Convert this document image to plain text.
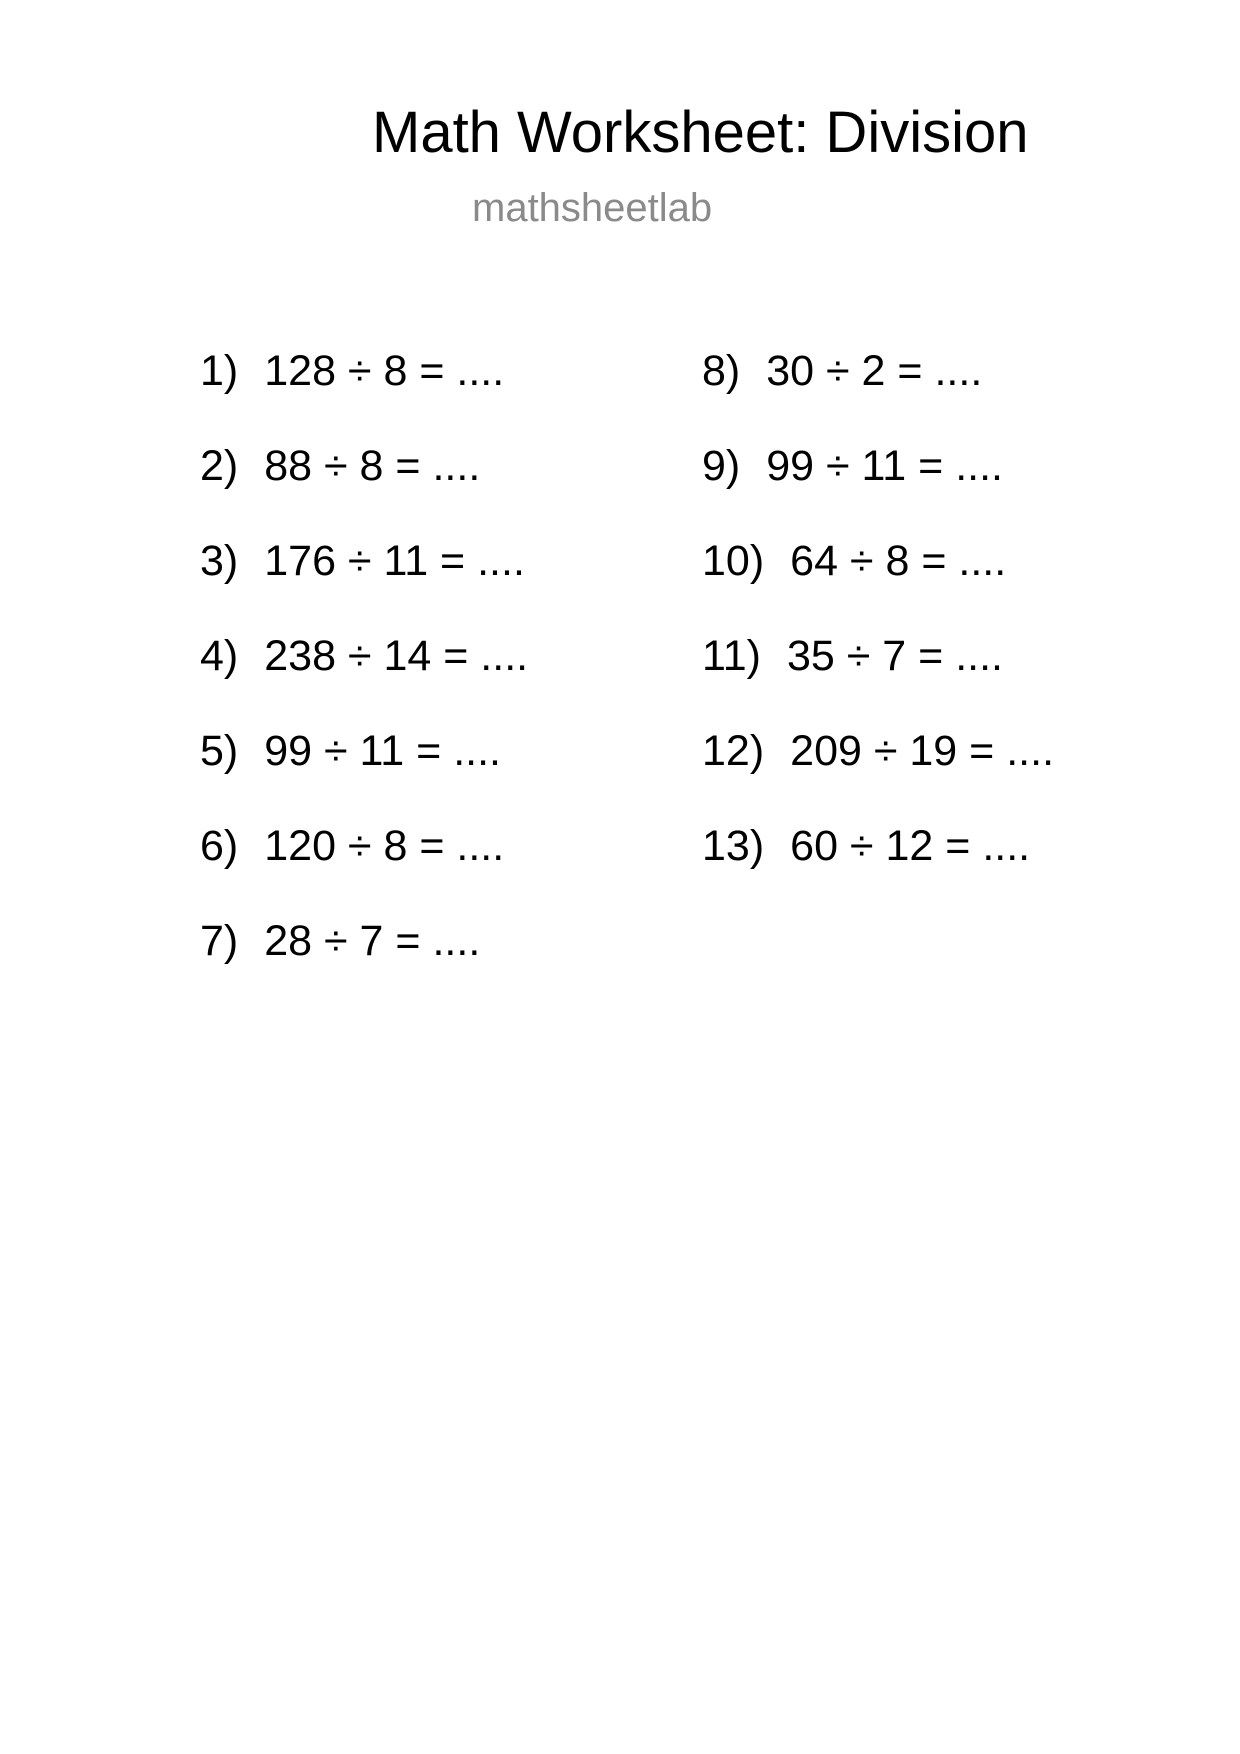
Math Worksheet: Division
mathsheetlab
1) 128 ÷ 8 = ....
2) 88 ÷ 8 = ....
3) 176 ÷ 11 = ....
4) 238 ÷ 14 = ....
5) 99 ÷ 11 = ....
6) 120 ÷ 8 = ....
7) 28 ÷ 7 = ....
8) 30 ÷ 2 = ....
9) 99 ÷ 11 = ....
10) 64 ÷ 8 = ....
11) 35 ÷ 7 = ....
12) 209 ÷ 19 = ....
13) 60 ÷ 12 = ....
